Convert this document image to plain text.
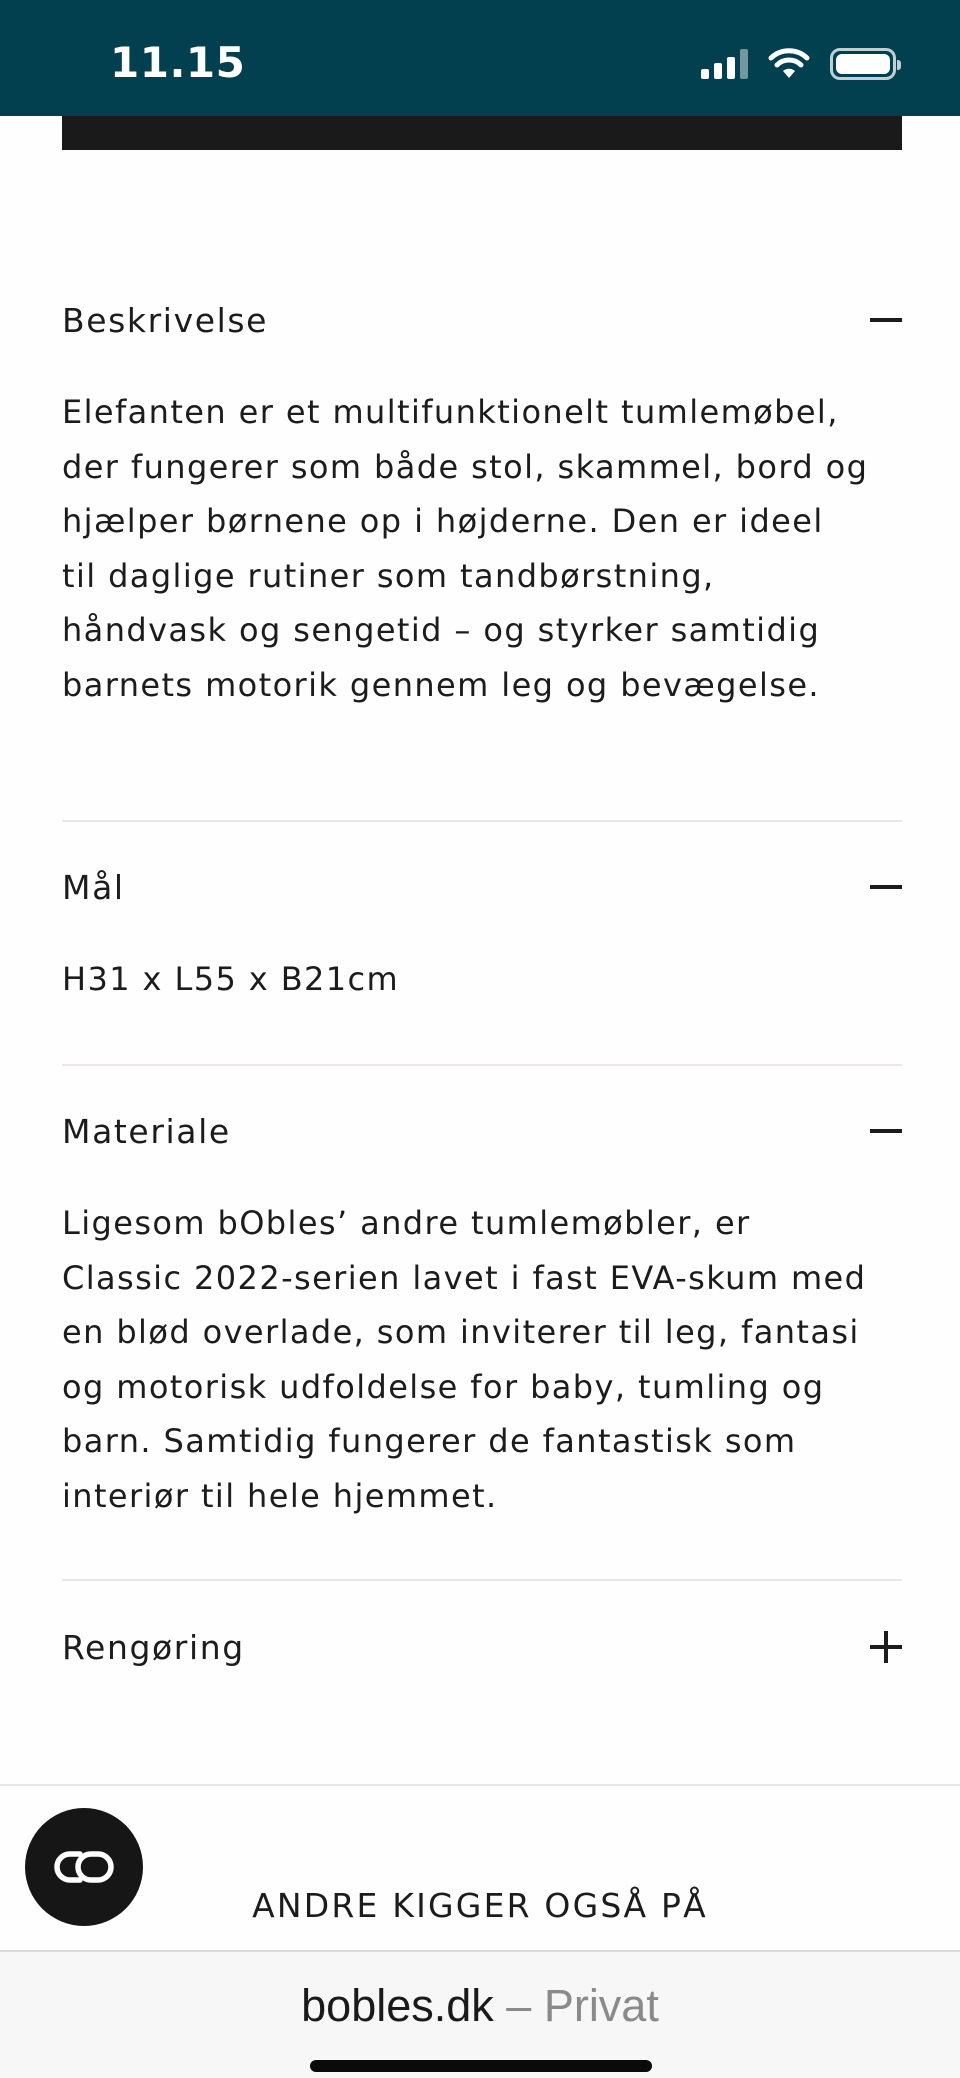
11.15
Beskrivelse
Elefanten er et multifunktionelt tumlemøbel,
der fungerer som både stol, skammel, bord og
hjælper børnene op i højderne. Den er ideel
til daglige rutiner som tandbørstning,
håndvask og sengetid – og styrker samtidig
barnets motorik gennem leg og bevægelse.
Mål
H31 x L55 x B21cm
Materiale
Ligesom bObles’ andre tumlemøbler, er
Classic 2022-serien lavet i fast EVA-skum med
en blød overlade, som inviterer til leg, fantasi
og motorisk udfoldelse for baby, tumling og
barn. Samtidig fungerer de fantastisk som
interiør til hele hjemmet.
Rengøring
ANDRE KIGGER OGSÅ PÅ
bobles.dk – Privat
